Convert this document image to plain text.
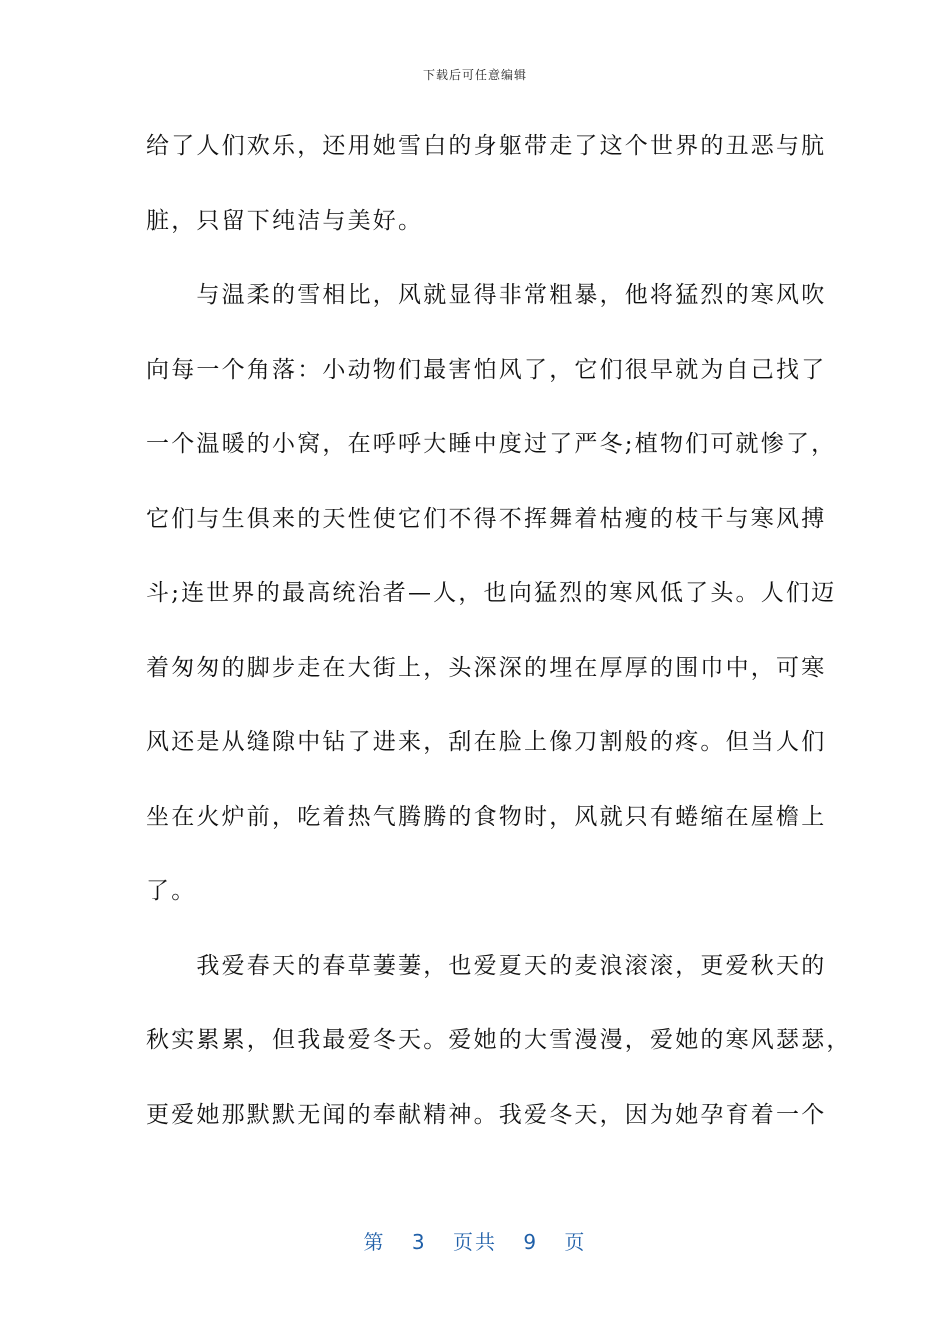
下载后可任意编辑
给了人们欢乐，还用她雪白的身躯带走了这个世界的丑恶与肮
脏，只留下纯洁与美好。
　　与温柔的雪相比，风就显得非常粗暴，他将猛烈的寒风吹
向每一个角落：小动物们最害怕风了，它们很早就为自己找了
一个温暖的小窝，在呼呼大睡中度过了严冬;植物们可就惨了，
它们与生俱来的天性使它们不得不挥舞着枯瘦的枝干与寒风搏
斗;连世界的最高统治者—人，也向猛烈的寒风低了头。人们迈
着匆匆的脚步走在大街上，头深深的埋在厚厚的围巾中，可寒
风还是从缝隙中钻了进来，刮在脸上像刀割般的疼。但当人们
坐在火炉前，吃着热气腾腾的食物时，风就只有蜷缩在屋檐上
了。
　　我爱春天的春草萋萋，也爱夏天的麦浪滚滚，更爱秋天的
秋实累累，但我最爱冬天。爱她的大雪漫漫，爱她的寒风瑟瑟，
更爱她那默默无闻的奉献精神。我爱冬天，因为她孕育着一个
第 3 页共 9 页
